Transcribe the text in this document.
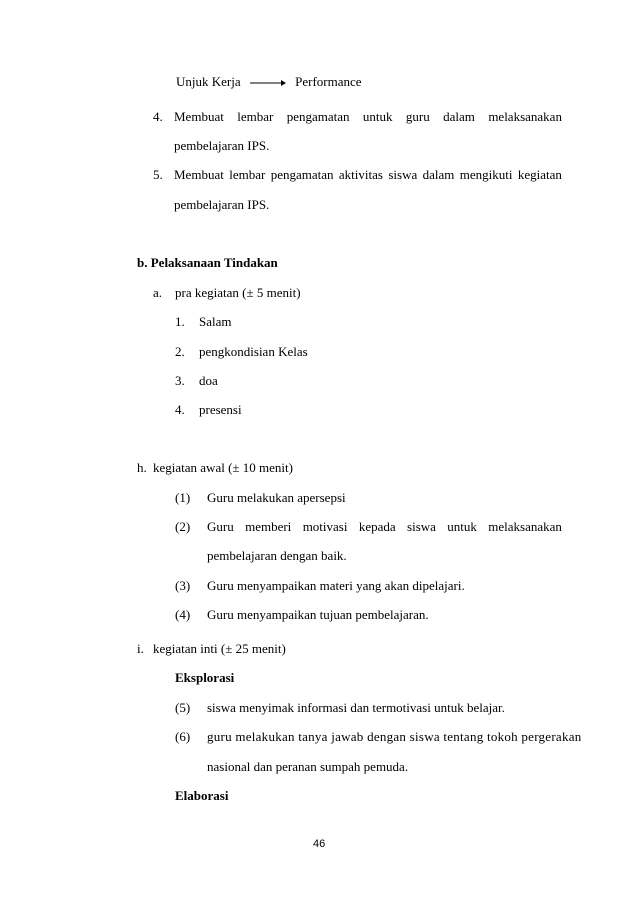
Unjuk Kerja	Performance
4. Membuat lembar pengamatan untuk guru dalam melaksanakan
pembelajaran IPS.
5. Membuat lembar pengamatan aktivitas siswa dalam mengikuti kegiatan
pembelajaran IPS.
b. Pelaksanaan Tindakan
a. pra kegiatan (± 5 menit)
1. Salam
2. pengkondisian Kelas
3. doa
4. presensi
h. kegiatan awal (± 10 menit)
(1) Guru melakukan apersepsi
(2) Guru memberi motivasi kepada siswa untuk melaksanakan
pembelajaran dengan baik.
(3) Guru menyampaikan materi yang akan dipelajari.
(4) Guru menyampaikan tujuan pembelajaran.
i. kegiatan inti (± 25 menit)
Eksplorasi
(5) siswa menyimak informasi dan termotivasi untuk belajar.
(6) guru melakukan tanya jawab dengan siswa tentang tokoh pergerakan
nasional dan peranan sumpah pemuda.
Elaborasi
46
